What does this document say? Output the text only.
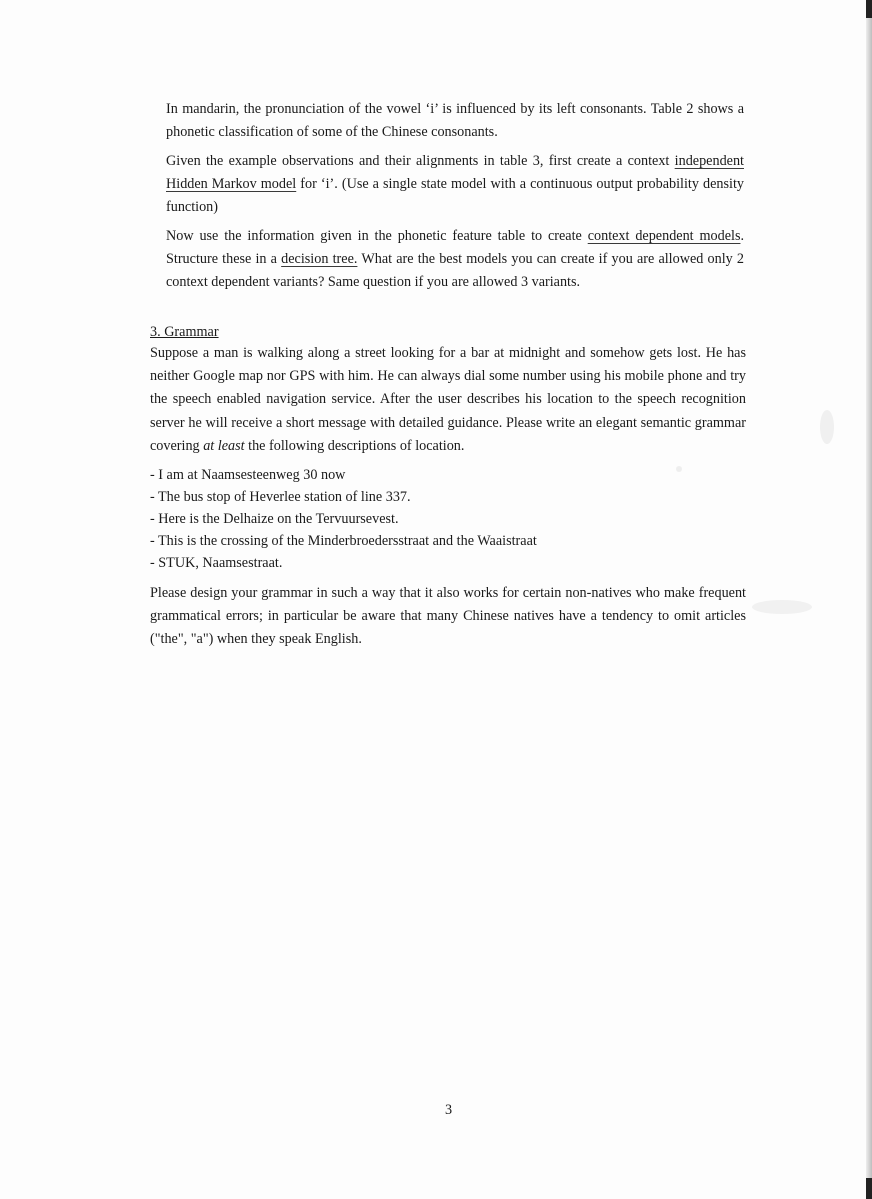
In mandarin, the pronunciation of the vowel ‘i’ is influenced by its left consonants. Table 2 shows a phonetic classification of some of the Chinese consonants.

Given the example observations and their alignments in table 3, first create a context independent Hidden Markov model for ‘i’. (Use a single state model with a continuous output probability density function)

Now use the information given in the phonetic feature table to create context dependent models. Structure these in a decision tree. What are the best models you can create if you are allowed only 2 context dependent variants? Same question if you are allowed 3 variants.

3. Grammar

Suppose a man is walking along a street looking for a bar at midnight and somehow gets lost. He has neither Google map nor GPS with him. He can always dial some number using his mobile phone and try the speech enabled navigation service. After the user describes his location to the speech recognition server he will receive a short message with detailed guidance. Please write an elegant semantic grammar covering at least the following descriptions of location.

- I am at Naamsesteenweg 30 now
- The bus stop of Heverlee station of line 337.
- Here is the Delhaize on the Tervuursevest.
- This is the crossing of the Minderbroedersstraat and the Waaistraat
- STUK, Naamsestraat.

Please design your grammar in such a way that it also works for certain non-natives who make frequent grammatical errors; in particular be aware that many Chinese natives have a tendency to omit articles ("the", "a") when they speak English.

3
